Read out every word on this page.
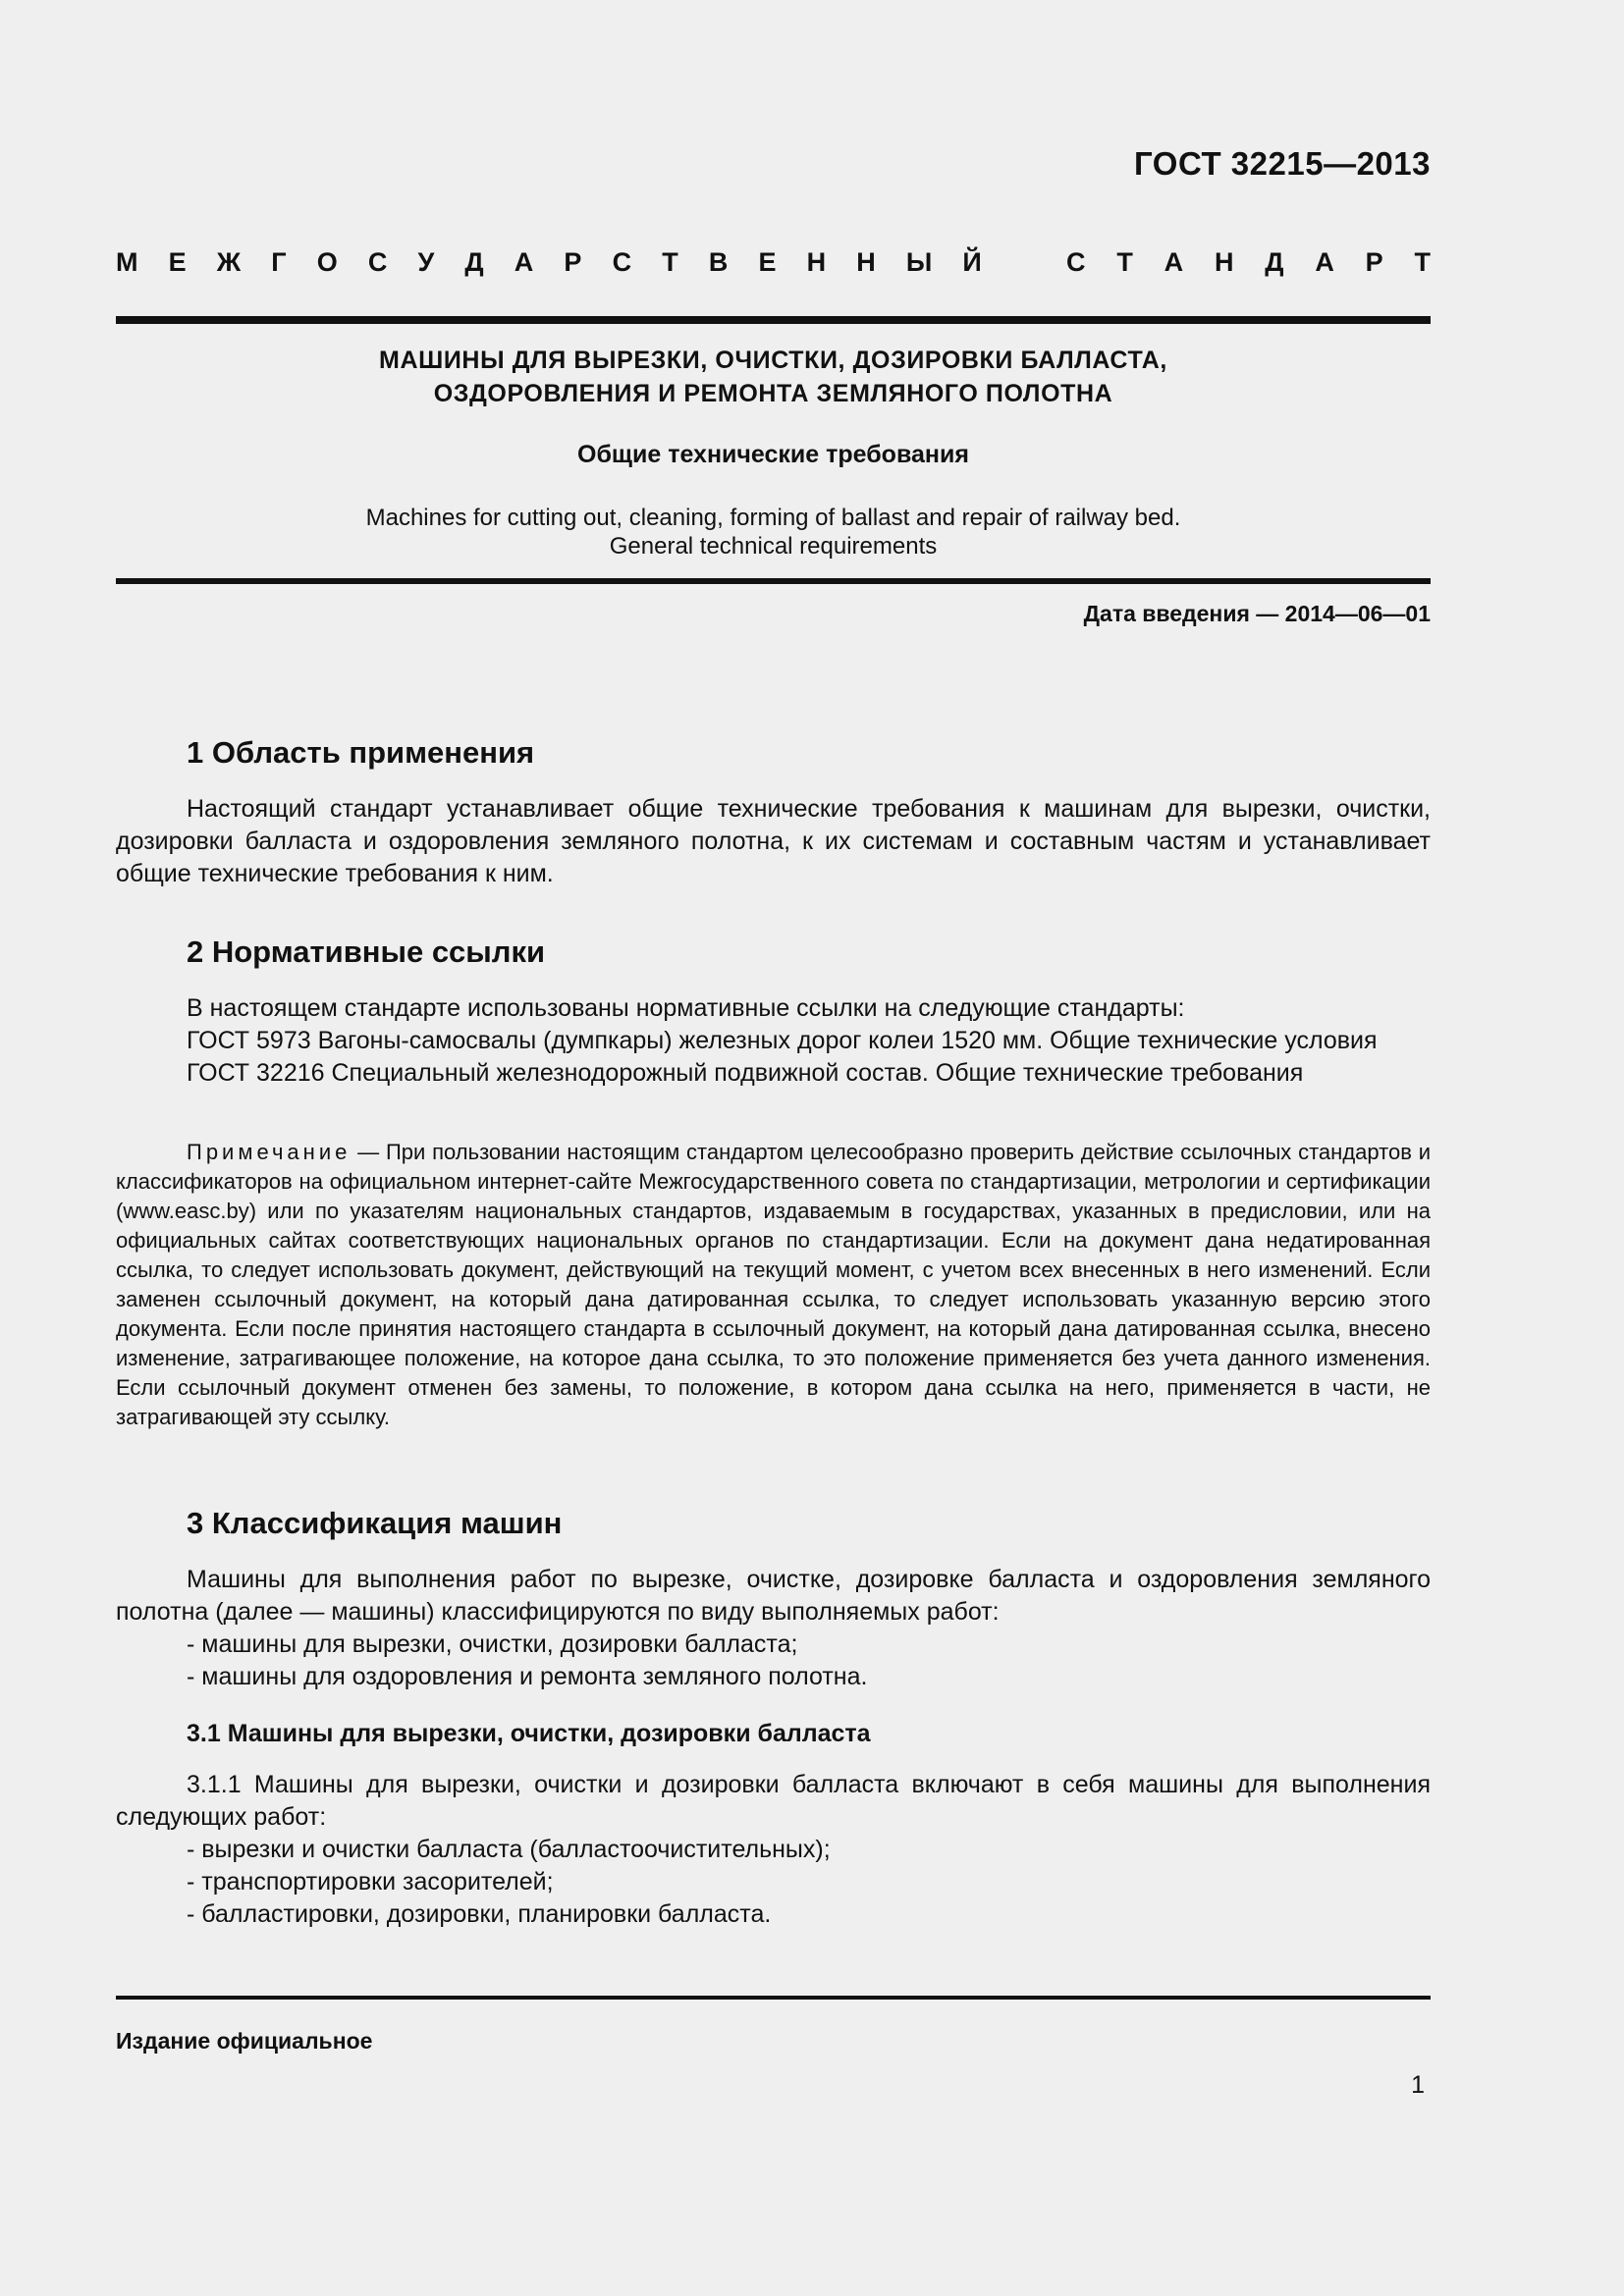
ГОСТ 32215—2013
М Е Ж Г О С У Д А Р С Т В Е Н Н Ы Й	С Т А Н Д А Р Т
МАШИНЫ ДЛЯ ВЫРЕЗКИ, ОЧИСТКИ, ДОЗИРОВКИ БАЛЛАСТА,
ОЗДОРОВЛЕНИЯ И РЕМОНТА ЗЕМЛЯНОГО ПОЛОТНА
Общие технические требования
Machines for cutting out, cleaning, forming of ballast and repair of railway bed.
General technical requirements
Дата введения — 2014—06—01
1 Область применения
Настоящий стандарт устанавливает общие технические требования к машинам для вырезки, очистки, дозировки балласта и оздоровления земляного полотна, к их системам и составным частям и устанавливает общие технические требования к ним.
2 Нормативные ссылки
В настоящем стандарте использованы нормативные ссылки на следующие стандарты:
ГОСТ 5973 Вагоны-самосвалы (думпкары) железных дорог колеи 1520 мм. Общие технические условия
ГОСТ 32216 Специальный железнодорожный подвижной состав. Общие технические требования
Примечание — При пользовании настоящим стандартом целесообразно проверить действие ссылочных стандартов и классификаторов на официальном интернет-сайте Межгосударственного совета по стандартизации, метрологии и сертификации (www.easc.by) или по указателям национальных стандартов, издаваемым в государствах, указанных в предисловии, или на официальных сайтах соответствующих национальных органов по стандартизации. Если на документ дана недатированная ссылка, то следует использовать документ, действующий на текущий момент, с учетом всех внесенных в него изменений. Если заменен ссылочный документ, на который дана датированная ссылка, то следует использовать указанную версию этого документа. Если после принятия настоящего стандарта в ссылочный документ, на который дана датированная ссылка, внесено изменение, затрагивающее положение, на которое дана ссылка, то это положение применяется без учета данного изменения. Если ссылочный документ отменен без замены, то положение, в котором дана ссылка на него, применяется в части, не затрагивающей эту ссылку.
3 Классификация машин
Машины для выполнения работ по вырезке, очистке, дозировке балласта и оздоровления земляного полотна (далее — машины) классифицируются по виду выполняемых работ:
- машины для вырезки, очистки, дозировки балласта;
- машины для оздоровления и ремонта земляного полотна.
3.1 Машины для вырезки, очистки, дозировки балласта
3.1.1 Машины для вырезки, очистки и дозировки балласта включают в себя машины для выполнения следующих работ:
- вырезки и очистки балласта (балластоочистительных);
- транспортировки засорителей;
- балластировки, дозировки, планировки балласта.
Издание официальное
1
